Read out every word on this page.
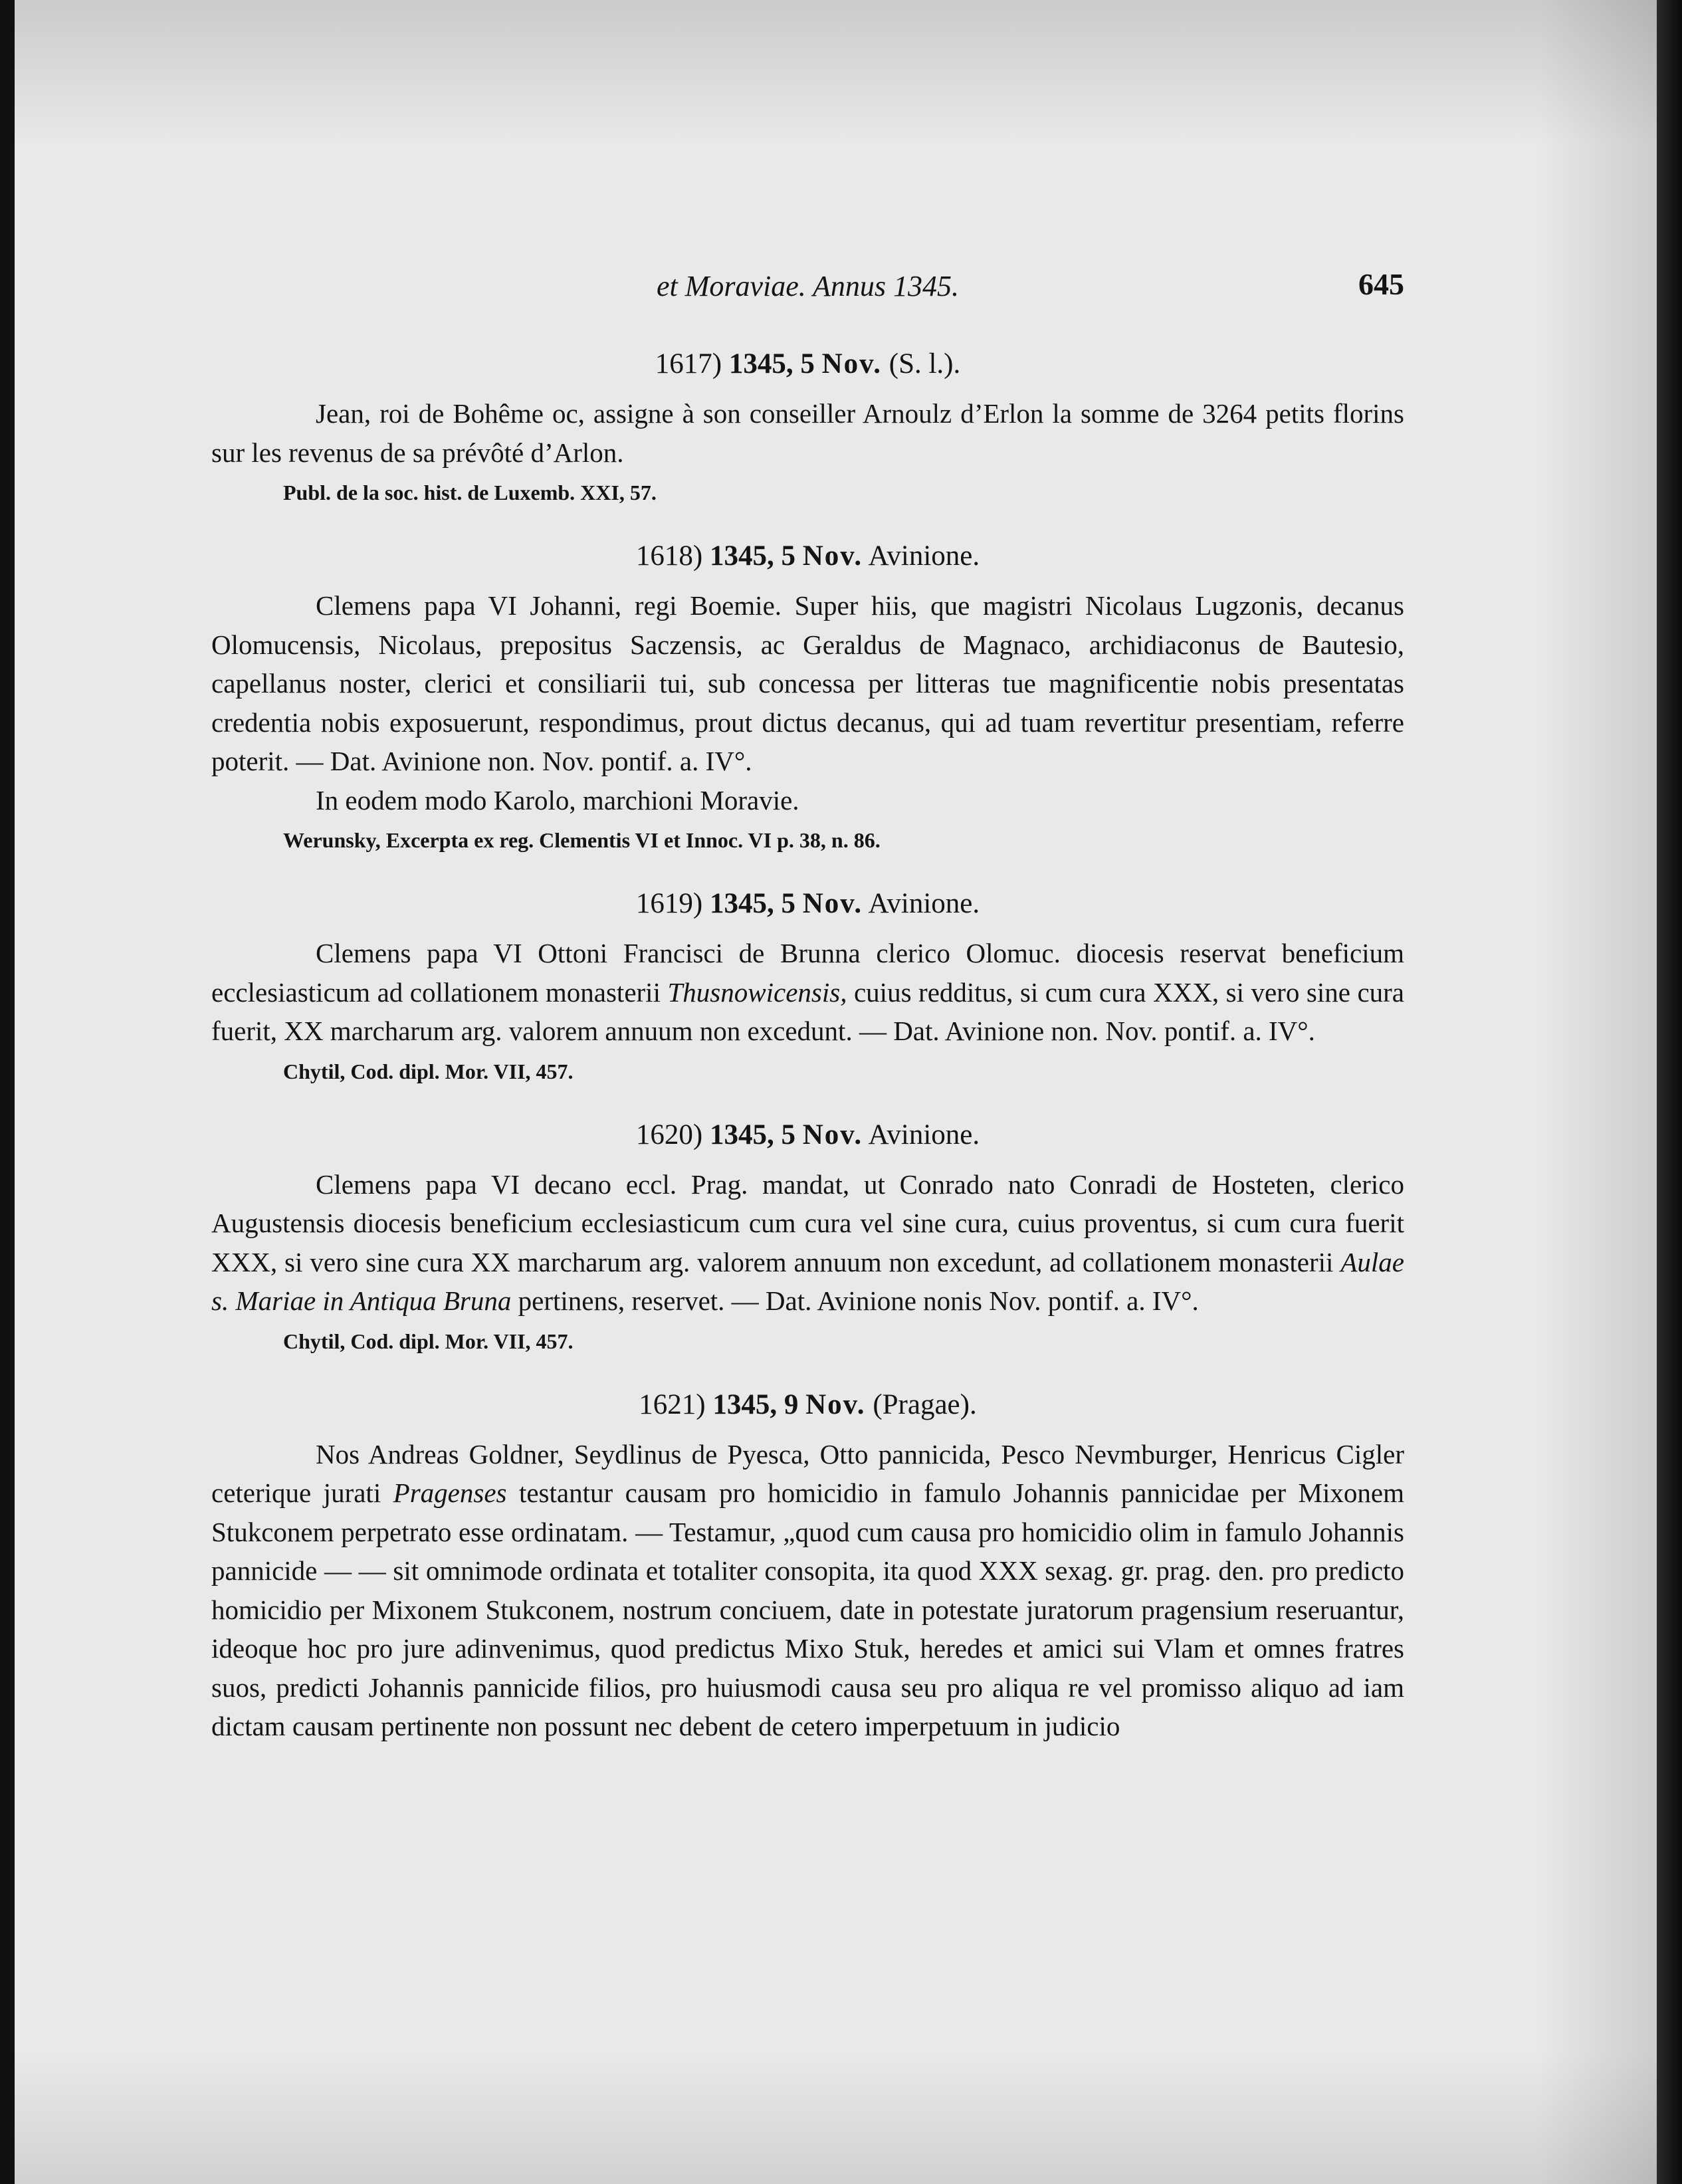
et Moraviae. Annus 1345.	645
1617) 1345, 5 Nov. (S. l.).

Jean, roi de Bohême oc, assigne à son conseiller Arnoulz d’Erlon la somme de 3264 petits florins sur les revenus de sa prévôté d’Arlon.

Publ. de la soc. hist. de Luxemb. XXI, 57.
1618) 1345, 5 Nov. Avinione.

Clemens papa VI Johanni, regi Boemie. Super hiis, que magistri Nicolaus Lugzonis, decanus Olomucensis, Nicolaus, prepositus Saczensis, ac Geraldus de Magnaco, archidiaconus de Bautesio, capellanus noster, clerici et consiliarii tui, sub concessa per litteras tue magnificentie nobis presentatas credentia nobis exposuerunt, respondimus, prout dictus decanus, qui ad tuam revertitur presentiam, referre poterit. — Dat. Avinione non. Nov. pontif. a. IV°.

In eodem modo Karolo, marchioni Moravie.

Werunsky, Excerpta ex reg. Clementis VI et Innoc. VI p. 38, n. 86.
1619) 1345, 5 Nov. Avinione.

Clemens papa VI Ottoni Francisci de Brunna clerico Olomuc. diocesis reservat beneficium ecclesiasticum ad collationem monasterii Thusnowicensis, cuius redditus, si cum cura XXX, si vero sine cura fuerit, XX marcharum arg. valorem annuum non excedunt. — Dat. Avinione non. Nov. pontif. a. IV°.

Chytil, Cod. dipl. Mor. VII, 457.
1620) 1345, 5 Nov. Avinione.

Clemens papa VI decano eccl. Prag. mandat, ut Conrado nato Conradi de Hosteten, clerico Augustensis diocesis beneficium ecclesiasticum cum cura vel sine cura, cuius proventus, si cum cura fuerit XXX, si vero sine cura XX marcharum arg. valorem annuum non excedunt, ad collationem monasterii Aulae s. Mariae in Antiqua Bruna pertinens, reservet. — Dat. Avinione nonis Nov. pontif. a. IV°.

Chytil, Cod. dipl. Mor. VII, 457.
1621) 1345, 9 Nov. (Pragae).

Nos Andreas Goldner, Seydlinus de Pyesca, Otto pannicida, Pesco Nevmburger, Henricus Cigler ceterique jurati Pragenses testantur causam pro homicidio in famulo Johannis pannicidae per Mixonem Stukconem perpetrato esse ordinatam. — Testamur, „quod cum causa pro homicidio olim in famulo Johannis pannicide — — sit omnimode ordinata et totaliter consopita, ita quod XXX sexag. gr. prag. den. pro predicto homicidio per Mixonem Stukconem, nostrum conciuem, date in potestate juratorum pragensium reseruantur, ideoque hoc pro jure adinvenimus, quod predictus Mixo Stuk, heredes et amici sui Vlam et omnes fratres suos, predicti Johannis pannicide filios, pro huiusmodi causa seu pro aliqua re vel promisso aliquo ad iam dictam causam pertinente non possunt nec debent de cetero imperpetuum in judicio
